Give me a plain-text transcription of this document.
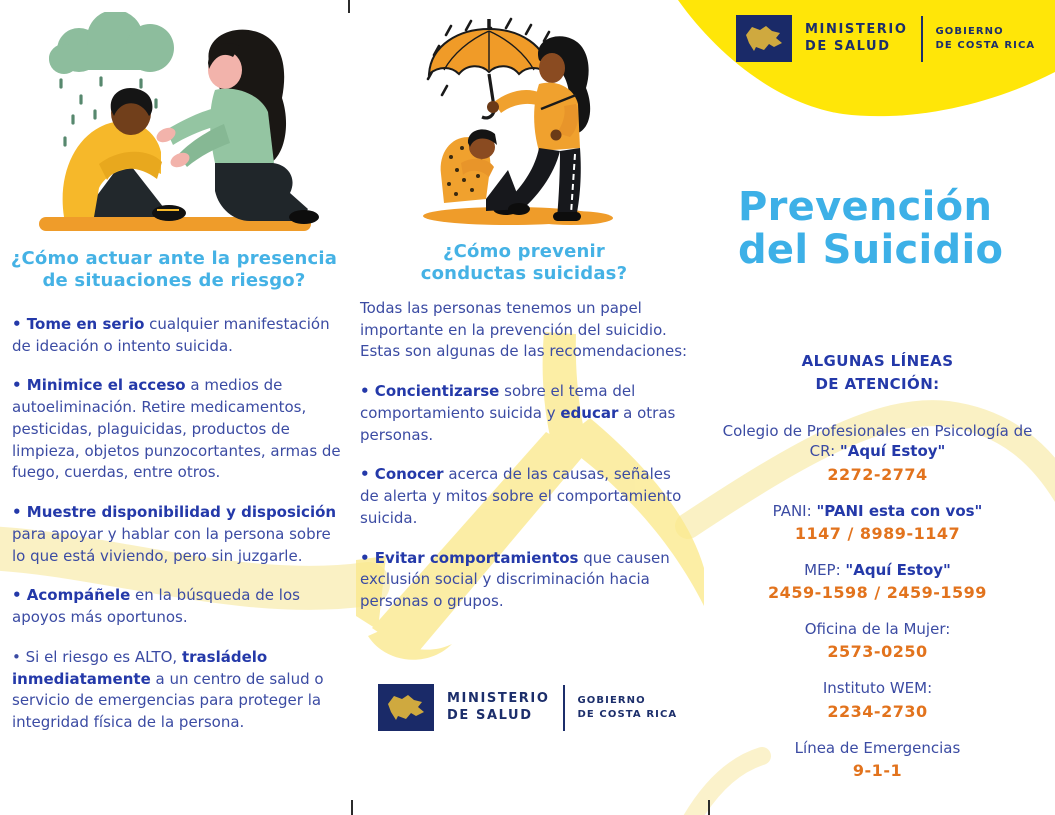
¿Cómo actuar ante la presencia
de situaciones de riesgo?

• Tome en serio cualquier manifestación de ideación o intento suicida.

• Minimice el acceso a medios de autoeliminación. Retire medicamentos, pesticidas, plaguicidas, productos de limpieza, objetos punzocortantes, armas de fuego, cuerdas, entre otros.

• Muestre disponibilidad y disposición para apoyar y hablar con la persona sobre lo que está viviendo, pero sin juzgarle.

• Acompáñele en la búsqueda de los apoyos más oportunos.

• Si el riesgo es ALTO, trasládelo inmediatamente a un centro de salud o servicio de emergencias para proteger la integridad física de la persona.

¿Cómo prevenir
conductas suicidas?

Todas las personas tenemos un papel importante en la prevención del suicidio. Estas son algunas de las recomendaciones:

• Concientizarse sobre el tema del comportamiento suicida y educar a otras personas.

• Conocer acerca de las causas, señales de alerta y mitos sobre el comportamiento suicida.

• Evitar comportamientos que causen exclusión social y discriminación hacia personas o grupos.

MINISTERIO
DE SALUD
GOBIERNO
DE COSTA RICA
MINISTERIO
DE SALUD
GOBIERNO
DE COSTA RICA
Prevención
del Suicidio
ALGUNAS LÍNEAS
DE ATENCIÓN:
Colegio de Profesionales en Psicología de CR: "Aquí Estoy"
2272-2774
PANI: "PANI esta con vos"
1147 / 8989-1147
MEP: "Aquí Estoy"
2459-1598 / 2459-1599
Oficina de la Mujer:
2573-0250
Instituto WEM:
2234-2730
Línea de Emergencias
9-1-1
